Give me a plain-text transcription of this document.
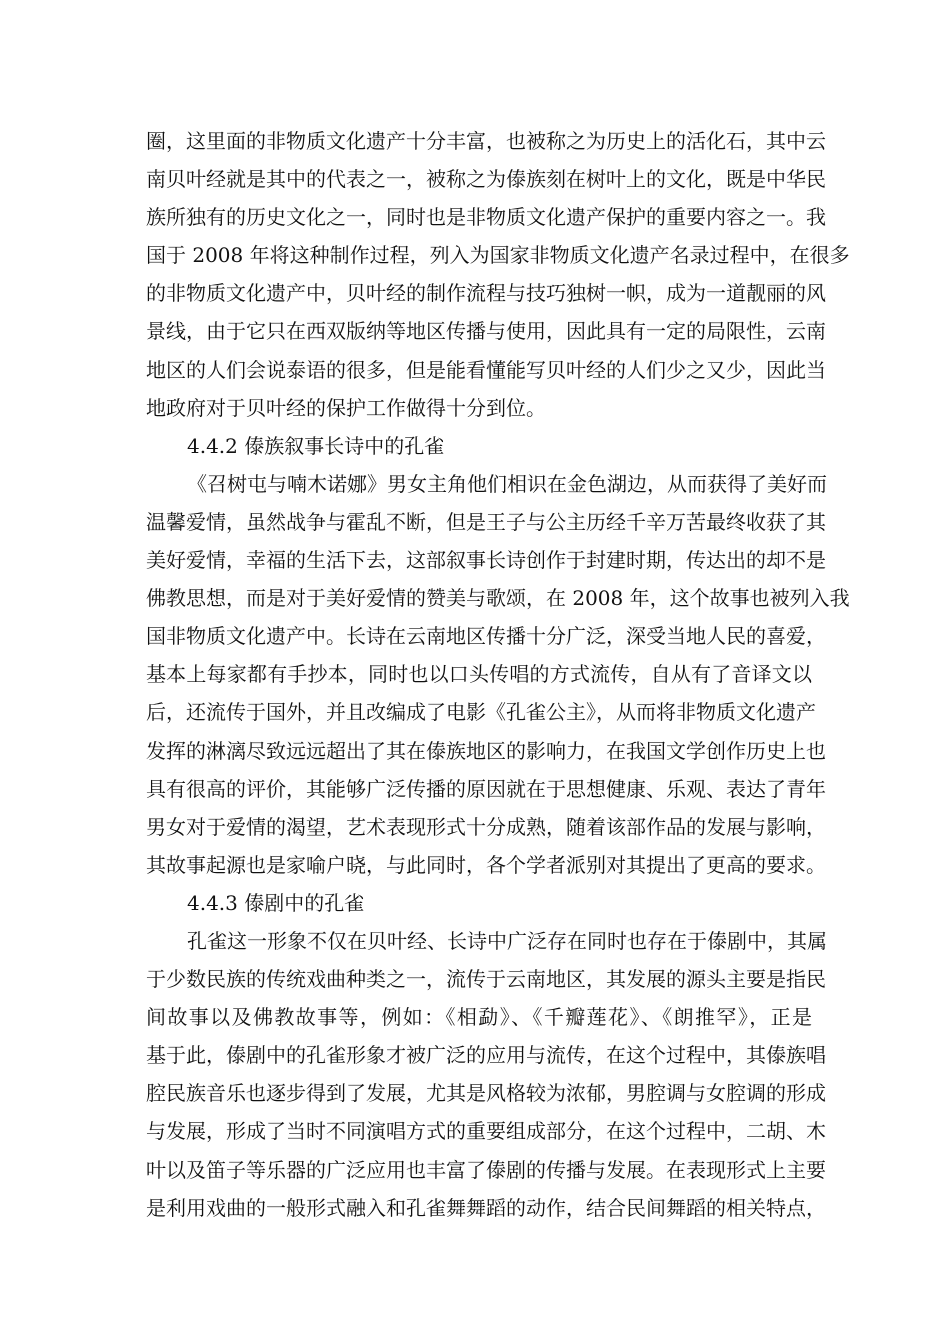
圈，这里面的非物质文化遗产十分丰富，也被称之为历史上的活化石，其中云
南贝叶经就是其中的代表之一，被称之为傣族刻在树叶上的文化，既是中华民
族所独有的历史文化之一，同时也是非物质文化遗产保护的重要内容之一。我
国于 2008 年将这种制作过程，列入为国家非物质文化遗产名录过程中，在很多
的非物质文化遗产中，贝叶经的制作流程与技巧独树一帜，成为一道靓丽的风
景线，由于它只在西双版纳等地区传播与使用，因此具有一定的局限性，云南
地区的人们会说泰语的很多，但是能看懂能写贝叶经的人们少之又少，因此当
地政府对于贝叶经的保护工作做得十分到位。
4.4.2 傣族叙事长诗中的孔雀
《召树屯与喃木诺娜》男女主角他们相识在金色湖边，从而获得了美好而
温馨爱情，虽然战争与霍乱不断，但是王子与公主历经千辛万苦最终收获了其
美好爱情，幸福的生活下去，这部叙事长诗创作于封建时期，传达出的却不是
佛教思想，而是对于美好爱情的赞美与歌颂，在 2008 年，这个故事也被列入我
国非物质文化遗产中。长诗在云南地区传播十分广泛，深受当地人民的喜爱，
基本上每家都有手抄本，同时也以口头传唱的方式流传，自从有了音译文以
后，还流传于国外，并且改编成了电影《孔雀公主》，从而将非物质文化遗产
发挥的淋漓尽致远远超出了其在傣族地区的影响力，在我国文学创作历史上也
具有很高的评价，其能够广泛传播的原因就在于思想健康、乐观、表达了青年
男女对于爱情的渴望，艺术表现形式十分成熟，随着该部作品的发展与影响，
其故事起源也是家喻户晓，与此同时，各个学者派别对其提出了更高的要求。
4.4.3 傣剧中的孔雀
孔雀这一形象不仅在贝叶经、长诗中广泛存在同时也存在于傣剧中，其属
于少数民族的传统戏曲种类之一，流传于云南地区，其发展的源头主要是指民
间故事以及佛教故事等，例如：《相勐》、《千瓣莲花》、《朗推罕》，正是
基于此，傣剧中的孔雀形象才被广泛的应用与流传，在这个过程中，其傣族唱
腔民族音乐也逐步得到了发展，尤其是风格较为浓郁，男腔调与女腔调的形成
与发展，形成了当时不同演唱方式的重要组成部分，在这个过程中，二胡、木
叶以及笛子等乐器的广泛应用也丰富了傣剧的传播与发展。在表现形式上主要
是利用戏曲的一般形式融入和孔雀舞舞蹈的动作，结合民间舞蹈的相关特点，
